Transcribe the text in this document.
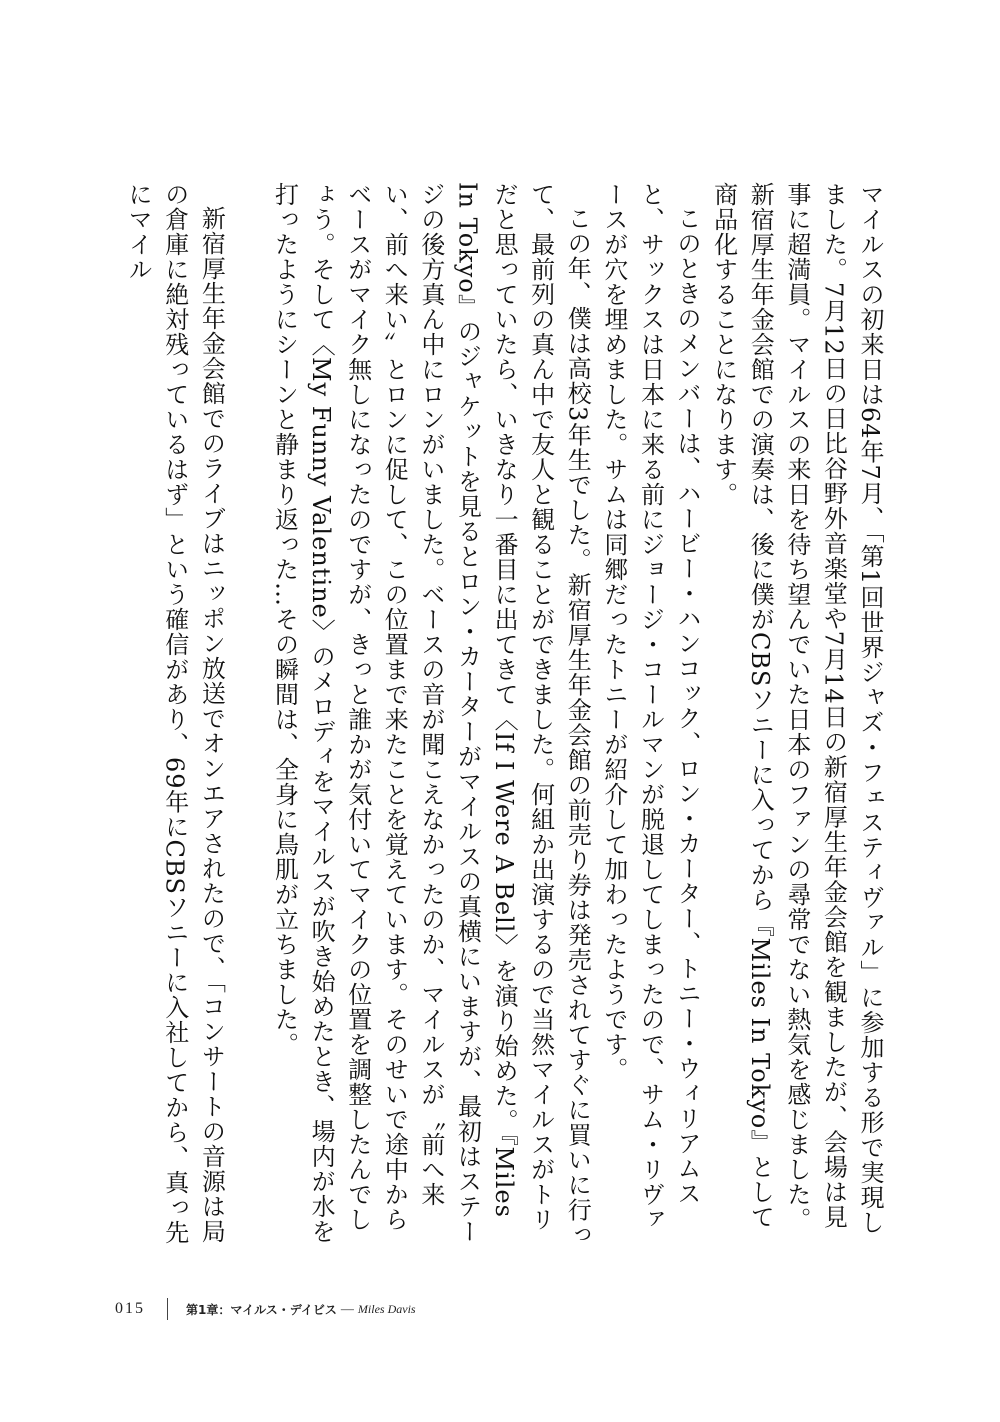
マイルスの初来日は64年7月、「第1回世界ジャズ・フェスティヴァル」に参加する形で実現しました。7月12日の日比谷野外音楽堂や7月14日の新宿厚生年金会館を観ましたが、会場は見事に超満員。マイルスの来日を待ち望んでいた日本のファンの尋常でない熱気を感じました。新宿厚生年金会館での演奏は、後に僕がCBSソニーに入ってから『Miles In Tokyo』として商品化することになります。

このときのメンバーは、ハービー・ハンコック、ロン・カーター、トニー・ウィリアムスと、サックスは日本に来る前にジョージ・コールマンが脱退してしまったので、サム・リヴァースが穴を埋めました。サムは同郷だったトニーが紹介して加わったようです。

この年、僕は高校3年生でした。新宿厚生年金会館の前売り券は発売されてすぐに買いに行って、最前列の真ん中で友人と観ることができました。何組か出演するので当然マイルスがトリだと思っていたら、いきなり一番目に出てきて〈If I Were A Bell〉を演り始めた。『Miles In Tokyo』のジャケットを見るとロン・カーターがマイルスの真横にいますが、最初はステージの後方真ん中にロンがいました。ベースの音が聞こえなかったのか、マイルスが〝前へ来い、前へ来い〟とロンに促して、この位置まで来たことを覚えています。そのせいで途中からベースがマイク無しになったのですが、きっと誰かが気付いてマイクの位置を調整したんでしょう。そして〈My Funny Valentine〉のメロディをマイルスが吹き始めたとき、場内が水を打ったようにシーンと静まり返った…その瞬間は、全身に鳥肌が立ちました。

新宿厚生年金会館でのライブはニッポン放送でオンエアされたので、「コンサートの音源は局の倉庫に絶対残っているはず」という確信があり、69年にCBSソニーに入社してから、真っ先にマイル

015	第1章：マイルス・デイビス — Miles Davis
